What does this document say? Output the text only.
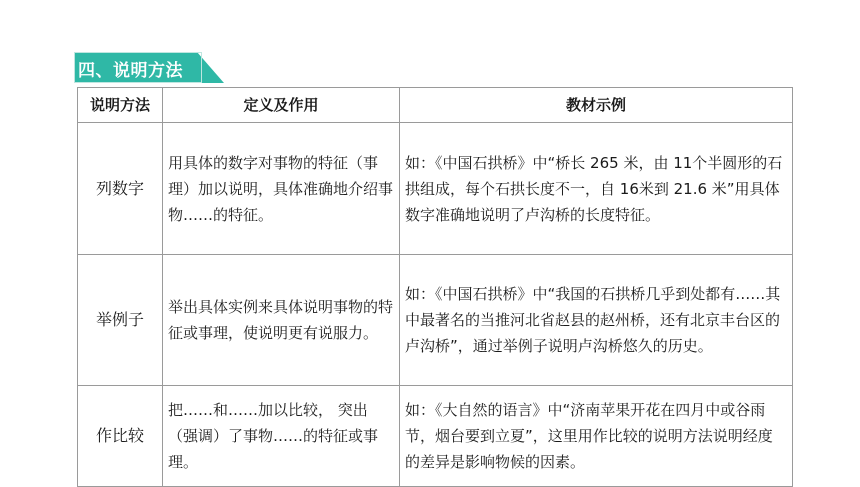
四、说明方法
说明方法	定义及作用	教材示例
列数字	用具体的数字对事物的特征（事理）加以说明，具体准确地介绍事物……的特征。	如：《中国石拱桥》中“桥长 265 米，由 11个半圆形的石拱组成，每个石拱长度不一，自 16米到 21.6 米”用具体数字准确地说明了卢沟桥的长度特征。
举例子	举出具体实例来具体说明事物的特征或事理，使说明更有说服力。	如：《中国石拱桥》中“我国的石拱桥几乎到处都有……其中最著名的当推河北省赵县的赵州桥，还有北京丰台区的卢沟桥”，通过举例子说明卢沟桥悠久的历史。
作比较	把……和……加以比较， 突出（强调）了事物……的特征或事理。	如：《大自然的语言》中“济南苹果开花在四月中或谷雨节，烟台要到立夏”，这里用作比较的说明方法说明经度的差异是影响物候的因素。
